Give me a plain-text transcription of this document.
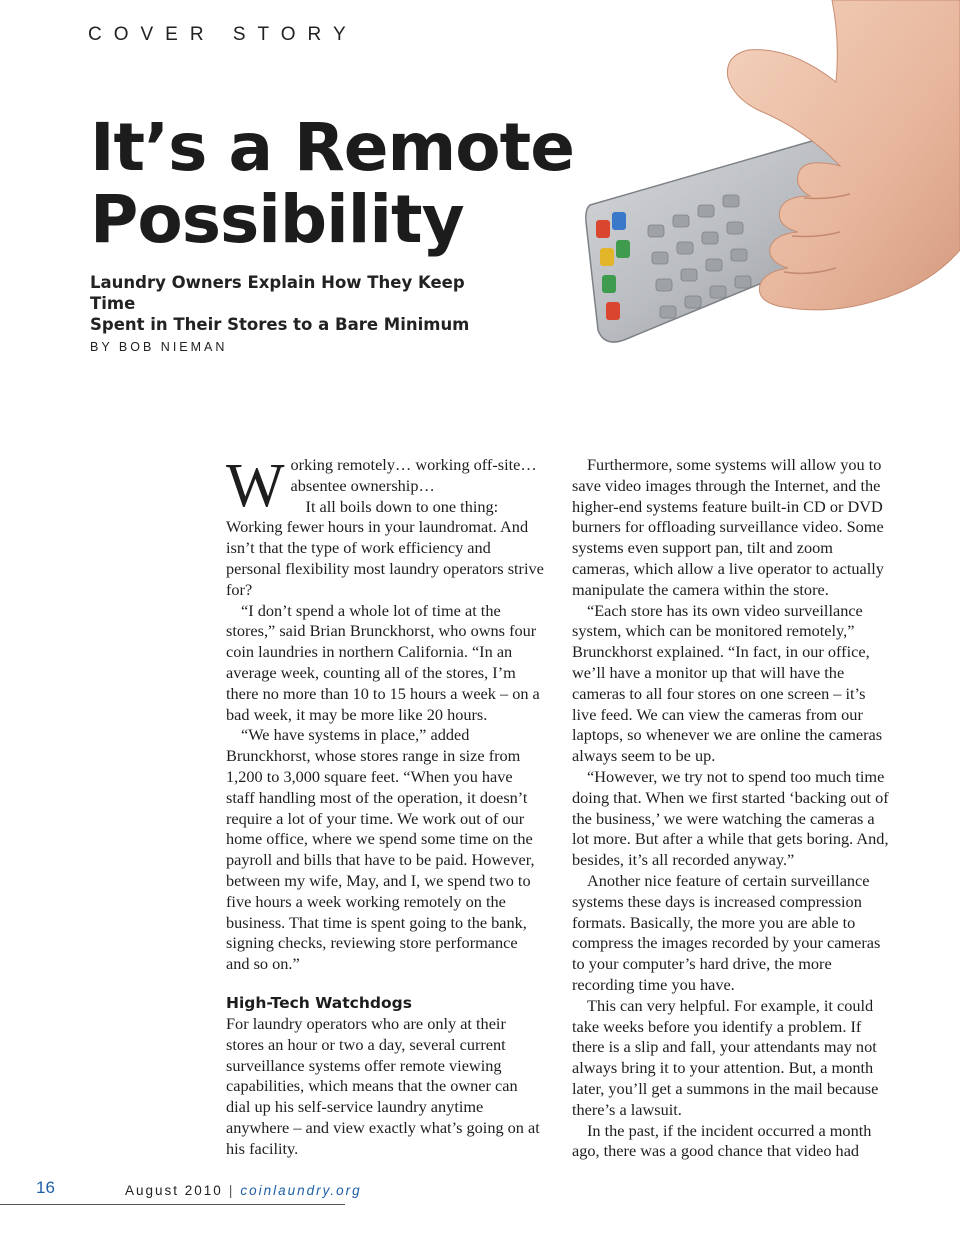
COVER STORY
It’s a Remote
Possibility
Laundry Owners Explain How They Keep Time
Spent in Their Stores to a Bare Minimum
BY BOB NIEMAN

Working remotely… working off-site… absentee ownership…

It all boils down to one thing: Working fewer hours in your laundromat. And isn’t that the type of work efficiency and personal flexibility most laundry operators strive for?

“I don’t spend a whole lot of time at the stores,” said Brian Brunckhorst, who owns four coin laundries in northern California. “In an average week, counting all of the stores, I’m there no more than 10 to 15 hours a week – on a bad week, it may be more like 20 hours.

“We have systems in place,” added Brunckhorst, whose stores range in size from 1,200 to 3,000 square feet. “When you have staff handling most of the operation, it doesn’t require a lot of your time. We work out of our home office, where we spend some time on the payroll and bills that have to be paid. However, between my wife, May, and I, we spend two to five hours a week working remotely on the business. That time is spent going to the bank, signing checks, reviewing store performance and so on.”

High-Tech Watchdogs

For laundry operators who are only at their stores an hour or two a day, several current surveillance systems offer remote viewing capabilities, which means that the owner can dial up his self-service laundry anytime anywhere – and view exactly what’s going on at his facility.

Furthermore, some systems will allow you to save video images through the Internet, and the higher-end systems feature built-in CD or DVD burners for offloading surveillance video. Some systems even support pan, tilt and zoom cameras, which allow a live operator to actually manipulate the camera within the store.

“Each store has its own video surveillance system, which can be monitored remotely,” Brunckhorst explained. “In fact, in our office, we’ll have a monitor up that will have the cameras to all four stores on one screen – it’s live feed. We can view the cameras from our laptops, so whenever we are online the cameras always seem to be up.

“However, we try not to spend too much time doing that. When we first started ‘backing out of the business,’ we were watching the cameras a lot more. But after a while that gets boring. And, besides, it’s all recorded anyway.”

Another nice feature of certain surveillance systems these days is increased compression formats. Basically, the more you are able to compress the images recorded by your cameras to your computer’s hard drive, the more recording time you have.

This can very helpful. For example, it could take weeks before you identify a problem. If there is a slip and fall, your attendants may not always bring it to your attention. But, a month later, you’ll get a summons in the mail because there’s a lawsuit.

In the past, if the incident occurred a month ago, there was a good chance that video had

16	August 2010 | coinlaundry.org
